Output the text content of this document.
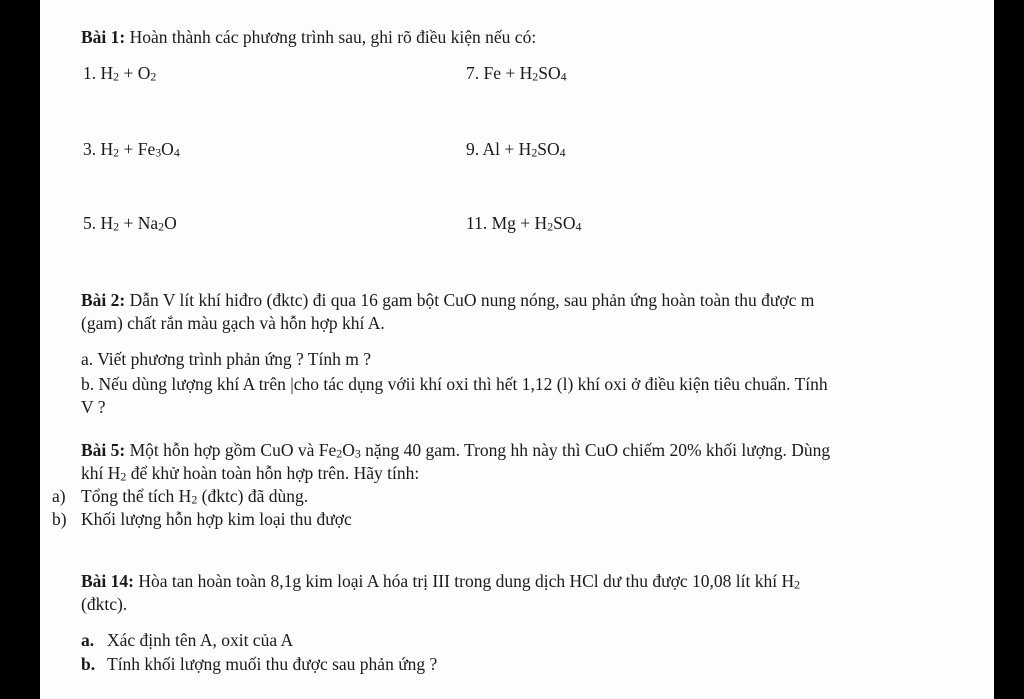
Bài 1: Hoàn thành các phương trình sau, ghi rõ điều kiện nếu có:
1. $H_2 + O_2$
3. $H_2 + Fe_3O_4$
5. $H_2 + Na_2O$
7. $Fe + H_2SO_4$
9. $Al + H_2SO_4$
11. $Mg + H_2SO_4$
Bài 2: Dẫn V lít khí hiđro (đktc) đi qua 16 gam bột CuO nung nóng, sau phản ứng hoàn toàn thu được m
(gam) chất rắn màu gạch và hỗn hợp khí A.
a. Viết phương trình phản ứng ? Tính m ?
b. Nếu dùng lượng khí A trên |cho tác dụng vớii khí oxi thì hết 1,12 (l) khí oxi ở điều kiện tiêu chuẩn. Tính
V ?
Bài 5: Một hỗn hợp gồm CuO và $Fe_2O_3$ nặng 40 gam. Trong hh này thì CuO chiếm 20% khối lượng. Dùng
khí $H_2$ để khử hoàn toàn hỗn hợp trên. Hãy tính:
a) Tổng thể tích $H_2$ (đktc) đã dùng.
b) Khối lượng hỗn hợp kim loại thu được
Bài 14: Hòa tan hoàn toàn 8,1g kim loại A hóa trị III trong dung dịch HCl dư thu được 10,08 lít khí $H_2$
(đktc).
a. Xác định tên A, oxit của A
b. Tính khối lượng muối thu được sau phản ứng ?
